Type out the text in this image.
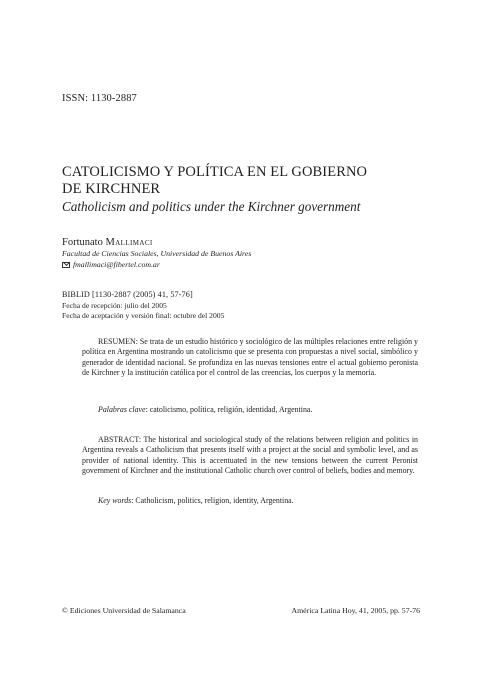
ISSN: 1130-2887
CATOLICISMO Y POLÍTICA EN EL GOBIERNO
DE KIRCHNER
Catholicism and politics under the Kirchner government
Fortunato Mallimaci
Facultad de Ciencias Sociales, Universidad de Buenos Aires
fmallimaci@fibertel.com.ar
BIBLID [1130-2887 (2005) 41, 57-76]
Fecha de recepción: julio del 2005
Fecha de aceptación y versión final: octubre del 2005

RESUMEN: Se trata de un estudio histórico y sociológico de las múltiples relaciones entre religión y política en Argentina mostrando un catolicismo que se presenta con propuestas a nivel social, simbólico y generador de identidad nacional. Se profundiza en las nuevas tensiones entre el actual gobierno peronista de Kirchner y la institución católica por el control de las creencias, los cuerpos y la memoria.

Palabras clave: catolicismo, política, religión, identidad, Argentina.

ABSTRACT: The historical and sociological study of the relations between religion and politics in Argentina reveals a Catholicism that presents itself with a project at the social and symbolic level, and as provider of national identity. This is accentuated in the new tensions between the current Peronist government of Kirchner and the institutional Catholic church over control of beliefs, bodies and memory.

Key words: Catholicism, politics, religion, identity, Argentina.
© Ediciones Universidad de Salamanca	América Latina Hoy, 41, 2005, pp. 57-76
